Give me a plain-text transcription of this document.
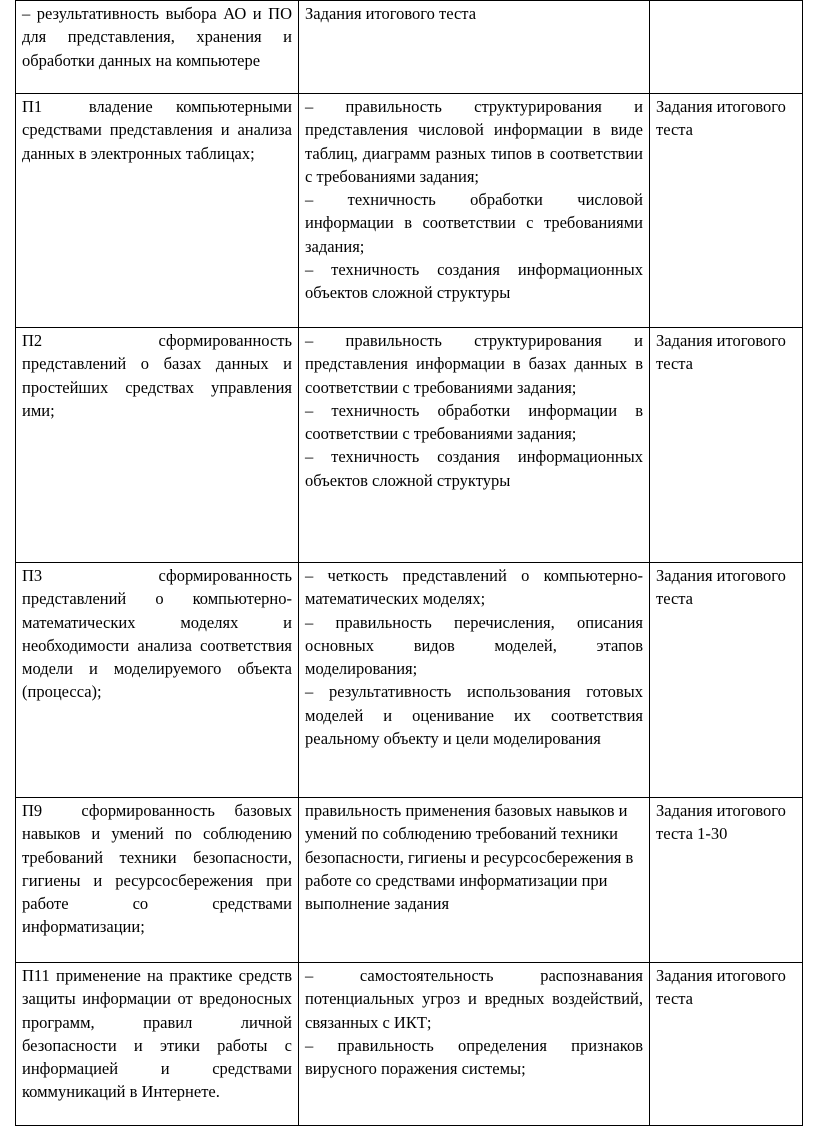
– результативность выбора АО и ПО для представления, хранения и обработки данных на компьютере	Задания итогового теста	

П1 владение компьютерными средствами представления и анализа данных в электронных таблицах;	– правильность структурирования и представления числовой информации в виде таблиц, диаграмм разных типов в соответствии с требованиями задания;
– техничность обработки числовой информации в соответствии с требованиями задания;
– техничность создания информационных объектов сложной структуры	Задания итогового теста

П2 сформированность представлений о базах данных и простейших средствах управления ими;	– правильность структурирования и представления информации в базах данных в соответствии с требованиями задания;
– техничность обработки информации в соответствии с требованиями задания;
– техничность создания информационных объектов сложной структуры	Задания итогового теста

П3 сформированность представлений о компьютерно-математических моделях и необходимости анализа соответствия модели и моделируемого объекта (процесса);	– четкость представлений о компьютерно-математических моделях;
– правильность перечисления, описания основных видов моделей, этапов моделирования;
– результативность использования готовых моделей и оценивание их соответствия реальному объекту и цели моделирования	Задания итогового теста

П9 сформированность базовых навыков и умений по соблюдению требований техники безопасности, гигиены и ресурсосбережения при работе со средствами информатизации;	правильность применения базовых навыков и умений по соблюдению требований техники безопасности, гигиены и ресурсосбережения в работе со средствами информатизации при выполнение задания	Задания итогового теста 1-30

П11 применение на практике средств защиты информации от вредоносных программ, правил личной безопасности и этики работы с информацией и средствами коммуникаций в Интернете.	– самостоятельность распознавания потенциальных угроз и вредных воздействий, связанных с ИКТ;
– правильность определения признаков вирусного поражения системы;	Задания итогового теста
